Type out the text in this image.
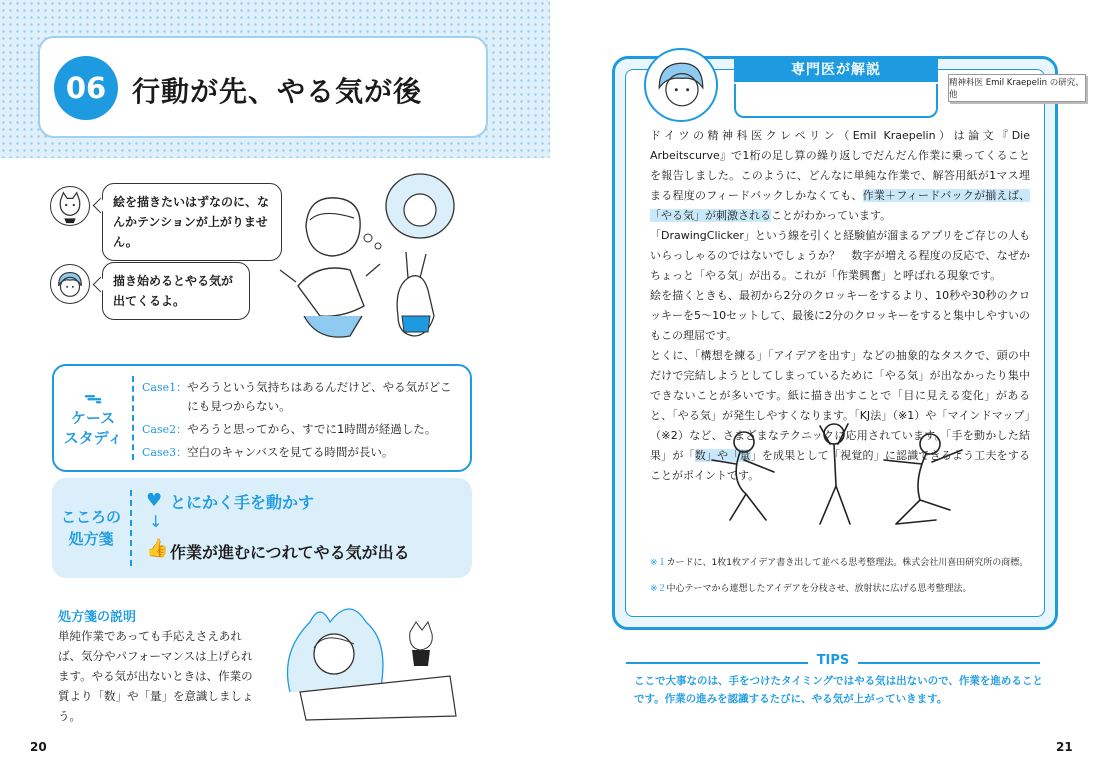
06 行動が先、やる気が後
絵を描きたいはずなのに、なんかテンションが上がりません。
描き始めるとやる気が出てくるよ。
ᯓ
ケース
スタディ
Case1： やろうという気持ちはあるんだけど、やる気がどこにも見つからない。
Case2： やろうと思ってから、すでに1時間が経過した。
Case3： 空白のキャンバスを見てる時間が長い。
こころの
処方箋
♥ とにかく手を動かす
↓
👍 作業が進むにつれてやる気が出る
処方箋の説明
単純作業であっても手応えさえあれば、気分やパフォーマンスは上げられます。やる気が出ないときは、作業の質より「数」や「量」を意識しましょう。
20
専門医が解説
精神科医 Emil Kraepelin の研究、他

ドイツの精神科医クレペリン（Emil Kraepelin）は論文『Die Arbeitscurve』で1桁の足し算の繰り返しでだんだん作業に乗ってくることを報告しました。このように、どんなに単純な作業で、解答用紙が1マス埋まる程度のフィードバックしかなくても、作業＋フィードバックが揃えば、「やる気」が刺激されることがわかっています。

「DrawingClicker」という線を引くと経験値が溜まるアプリをご存じの人もいらっしゃるのではないでしょうか？　数字が増える程度の反応で、なぜかちょっと「やる気」が出る。これが「作業興奮」と呼ばれる現象です。

絵を描くときも、最初から2分のクロッキーをするより、10秒や30秒のクロッキーを5〜10セットして、最後に2分のクロッキーをすると集中しやすいのもこの理屈です。

とくに、「構想を練る」「アイデアを出す」などの抽象的なタスクで、頭の中だけで完結しようとしてしまっているために「やる気」が出なかったり集中できないことが多いです。紙に描き出すことで「目に見える変化」があると、「やる気」が発生しやすくなります。「KJ法」（※1）や「マインドマップ」（※2）など、さまざまなテクニックに応用されています。「手を動かした結果」が「数」や「量」を成果として「視覚的」に認識できるよう工夫をすることがポイントです。

※１カードに、1枚1枚アイデア書き出して並べる思考整理法。株式会社川喜田研究所の商標。
※２中心テーマから連想したアイデアを分枝させ、放射状に広げる思考整理法。
TIPS
ここで大事なのは、手をつけたタイミングではやる気は出ないので、作業を進めることです。作業の進みを認識するたびに、やる気が上がっていきます。
21
